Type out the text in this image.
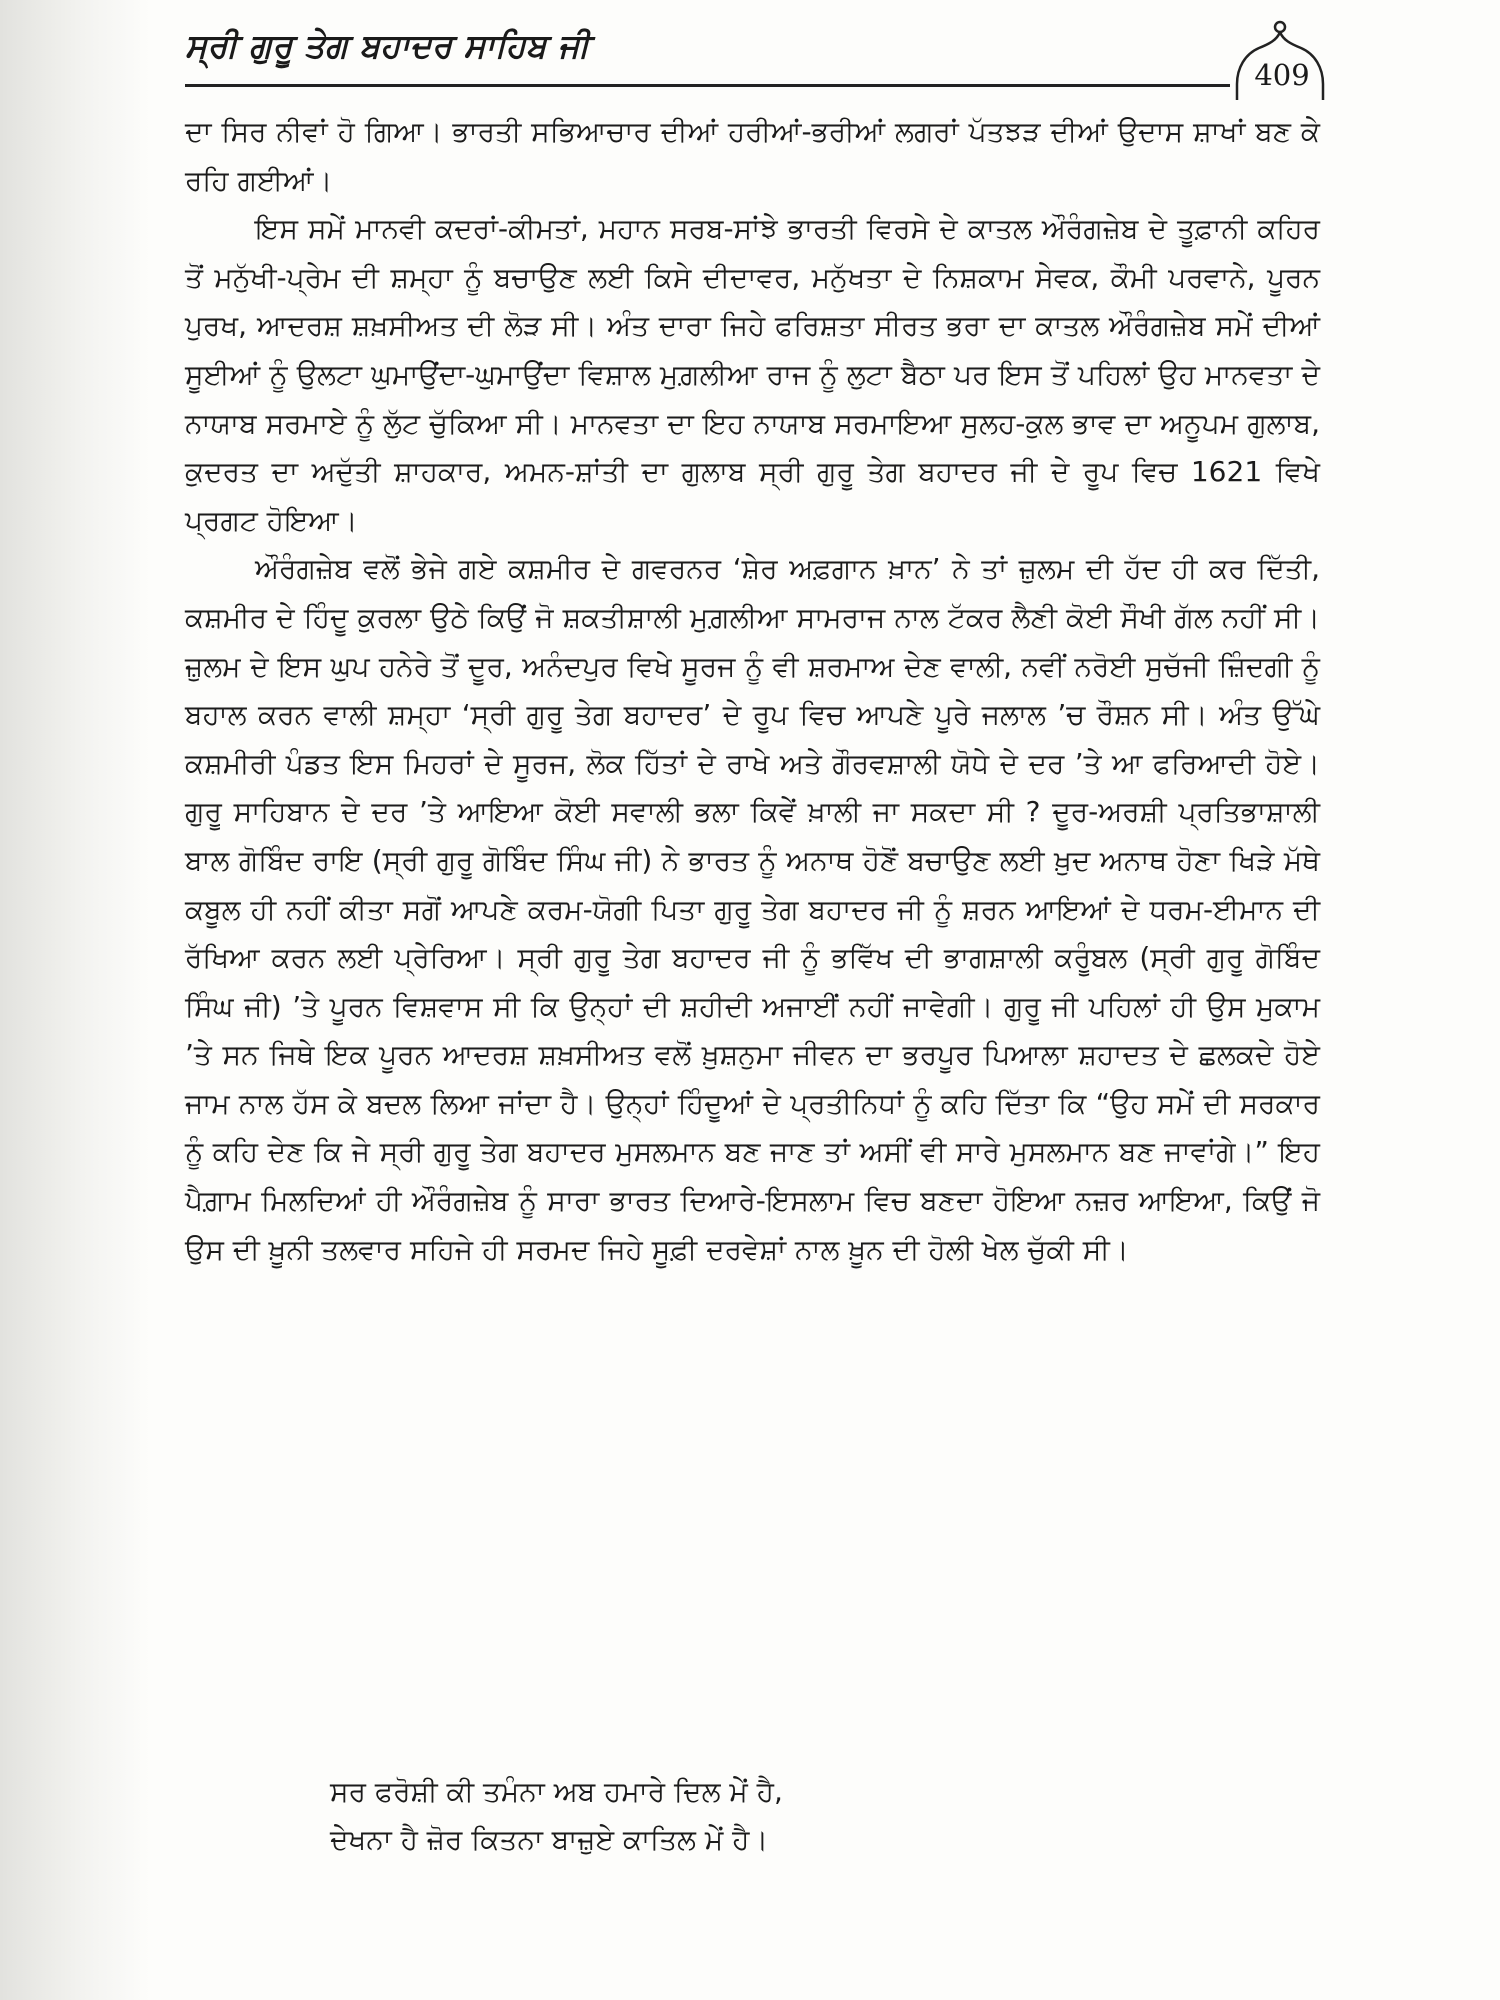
ਸ੍ਰੀ ਗੁਰੂ ਤੇਗ ਬਹਾਦਰ ਸਾਹਿਬ ਜੀ
409

ਦਾ ਸਿਰ ਨੀਵਾਂ ਹੋ ਗਿਆ। ਭਾਰਤੀ ਸਭਿਆਚਾਰ ਦੀਆਂ ਹਰੀਆਂ-ਭਰੀਆਂ ਲਗਰਾਂ ਪੱਤਝੜ ਦੀਆਂ ਉਦਾਸ ਸ਼ਾਖਾਂ ਬਣ ਕੇ ਰਹਿ ਗਈਆਂ।

ਇਸ ਸਮੇਂ ਮਾਨਵੀ ਕਦਰਾਂ-ਕੀਮਤਾਂ, ਮਹਾਨ ਸਰਬ-ਸਾਂਝੇ ਭਾਰਤੀ ਵਿਰਸੇ ਦੇ ਕਾਤਲ ਔਰੰਗਜ਼ੇਬ ਦੇ ਤੂਫ਼ਾਨੀ ਕਹਿਰ ਤੋਂ ਮਨੁੱਖੀ-ਪ੍ਰੇਮ ਦੀ ਸ਼ਮ੍ਹਾ ਨੂੰ ਬਚਾਉਣ ਲਈ ਕਿਸੇ ਦੀਦਾਵਰ, ਮਨੁੱਖਤਾ ਦੇ ਨਿਸ਼ਕਾਮ ਸੇਵਕ, ਕੌਮੀ ਪਰਵਾਨੇ, ਪੂਰਨ ਪੁਰਖ, ਆਦਰਸ਼ ਸ਼ਖ਼ਸੀਅਤ ਦੀ ਲੋੜ ਸੀ। ਅੰਤ ਦਾਰਾ ਜਿਹੇ ਫਰਿਸ਼ਤਾ ਸੀਰਤ ਭਰਾ ਦਾ ਕਾਤਲ ਔਰੰਗਜ਼ੇਬ ਸਮੇਂ ਦੀਆਂ ਸੂਈਆਂ ਨੂੰ ਉਲਟਾ ਘੁਮਾਉਂਦਾ-ਘੁਮਾਉਂਦਾ ਵਿਸ਼ਾਲ ਮੁਗ਼ਲੀਆ ਰਾਜ ਨੂੰ ਲੁਟਾ ਬੈਠਾ ਪਰ ਇਸ ਤੋਂ ਪਹਿਲਾਂ ਉਹ ਮਾਨਵਤਾ ਦੇ ਨਾਯਾਬ ਸਰਮਾਏ ਨੂੰ ਲੁੱਟ ਚੁੱਕਿਆ ਸੀ। ਮਾਨਵਤਾ ਦਾ ਇਹ ਨਾਯਾਬ ਸਰਮਾਇਆ ਸੁਲਹ-ਕੁਲ ਭਾਵ ਦਾ ਅਨੂਪਮ ਗੁਲਾਬ, ਕੁਦਰਤ ਦਾ ਅਦੁੱਤੀ ਸ਼ਾਹਕਾਰ, ਅਮਨ-ਸ਼ਾਂਤੀ ਦਾ ਗੁਲਾਬ ਸ੍ਰੀ ਗੁਰੂ ਤੇਗ ਬਹਾਦਰ ਜੀ ਦੇ ਰੂਪ ਵਿਚ 1621 ਵਿਖੇ ਪ੍ਰਗਟ ਹੋਇਆ।

ਔਰੰਗਜ਼ੇਬ ਵਲੋਂ ਭੇਜੇ ਗਏ ਕਸ਼ਮੀਰ ਦੇ ਗਵਰਨਰ ‘ਸ਼ੇਰ ਅਫ਼ਗਾਨ ਖ਼ਾਨ’ ਨੇ ਤਾਂ ਜ਼ੁਲਮ ਦੀ ਹੱਦ ਹੀ ਕਰ ਦਿੱਤੀ, ਕਸ਼ਮੀਰ ਦੇ ਹਿੰਦੂ ਕੁਰਲਾ ਉਠੇ ਕਿਉਂ ਜੋ ਸ਼ਕਤੀਸ਼ਾਲੀ ਮੁਗ਼ਲੀਆ ਸਾਮਰਾਜ ਨਾਲ ਟੱਕਰ ਲੈਣੀ ਕੋਈ ਸੌਖੀ ਗੱਲ ਨਹੀਂ ਸੀ। ਜ਼ੁਲਮ ਦੇ ਇਸ ਘੁਪ ਹਨੇਰੇ ਤੋਂ ਦੂਰ, ਅਨੰਦਪੁਰ ਵਿਖੇ ਸੂਰਜ ਨੂੰ ਵੀ ਸ਼ਰਮਾਅ ਦੇਣ ਵਾਲੀ, ਨਵੀਂ ਨਰੋਈ ਸੁਚੱਜੀ ਜ਼ਿੰਦਗੀ ਨੂੰ ਬਹਾਲ ਕਰਨ ਵਾਲੀ ਸ਼ਮ੍ਹਾ ‘ਸ੍ਰੀ ਗੁਰੂ ਤੇਗ ਬਹਾਦਰ’ ਦੇ ਰੂਪ ਵਿਚ ਆਪਣੇ ਪੂਰੇ ਜਲਾਲ ’ਚ ਰੌਸ਼ਨ ਸੀ। ਅੰਤ ਉੱਘੇ ਕਸ਼ਮੀਰੀ ਪੰਡਤ ਇਸ ਮਿਹਰਾਂ ਦੇ ਸੂਰਜ, ਲੋਕ ਹਿੱਤਾਂ ਦੇ ਰਾਖੇ ਅਤੇ ਗੌਰਵਸ਼ਾਲੀ ਯੋਧੇ ਦੇ ਦਰ ’ਤੇ ਆ ਫਰਿਆਦੀ ਹੋਏ। ਗੁਰੂ ਸਾਹਿਬਾਨ ਦੇ ਦਰ ’ਤੇ ਆਇਆ ਕੋਈ ਸਵਾਲੀ ਭਲਾ ਕਿਵੇਂ ਖ਼ਾਲੀ ਜਾ ਸਕਦਾ ਸੀ ? ਦੂਰ-ਅਰਸ਼ੀ ਪ੍ਰਤਿਭਾਸ਼ਾਲੀ ਬਾਲ ਗੋਬਿੰਦ ਰਾਇ (ਸ੍ਰੀ ਗੁਰੂ ਗੋਬਿੰਦ ਸਿੰਘ ਜੀ) ਨੇ ਭਾਰਤ ਨੂੰ ਅਨਾਥ ਹੋਣੋਂ ਬਚਾਉਣ ਲਈ ਖ਼ੁਦ ਅਨਾਥ ਹੋਣਾ ਖਿੜੇ ਮੱਥੇ ਕਬੂਲ ਹੀ ਨਹੀਂ ਕੀਤਾ ਸਗੋਂ ਆਪਣੇ ਕਰਮ-ਯੋਗੀ ਪਿਤਾ ਗੁਰੂ ਤੇਗ ਬਹਾਦਰ ਜੀ ਨੂੰ ਸ਼ਰਨ ਆਇਆਂ ਦੇ ਧਰਮ-ਈਮਾਨ ਦੀ ਰੱਖਿਆ ਕਰਨ ਲਈ ਪ੍ਰੇਰਿਆ। ਸ੍ਰੀ ਗੁਰੂ ਤੇਗ ਬਹਾਦਰ ਜੀ ਨੂੰ ਭਵਿੱਖ ਦੀ ਭਾਗਸ਼ਾਲੀ ਕਰੂੰਬਲ (ਸ੍ਰੀ ਗੁਰੂ ਗੋਬਿੰਦ ਸਿੰਘ ਜੀ) ’ਤੇ ਪੂਰਨ ਵਿਸ਼ਵਾਸ ਸੀ ਕਿ ਉਨ੍ਹਾਂ ਦੀ ਸ਼ਹੀਦੀ ਅਜਾਈਂ ਨਹੀਂ ਜਾਵੇਗੀ। ਗੁਰੂ ਜੀ ਪਹਿਲਾਂ ਹੀ ਉਸ ਮੁਕਾਮ ’ਤੇ ਸਨ ਜਿਥੇ ਇਕ ਪੂਰਨ ਆਦਰਸ਼ ਸ਼ਖ਼ਸੀਅਤ ਵਲੋਂ ਖ਼ੁਸ਼ਨੁਮਾ ਜੀਵਨ ਦਾ ਭਰਪੂਰ ਪਿਆਲਾ ਸ਼ਹਾਦਤ ਦੇ ਛਲਕਦੇ ਹੋਏ ਜਾਮ ਨਾਲ ਹੱਸ ਕੇ ਬਦਲ ਲਿਆ ਜਾਂਦਾ ਹੈ। ਉਨ੍ਹਾਂ ਹਿੰਦੂਆਂ ਦੇ ਪ੍ਰਤੀਨਿਧਾਂ ਨੂੰ ਕਹਿ ਦਿੱਤਾ ਕਿ “ਉਹ ਸਮੇਂ ਦੀ ਸਰਕਾਰ ਨੂੰ ਕਹਿ ਦੇਣ ਕਿ ਜੇ ਸ੍ਰੀ ਗੁਰੂ ਤੇਗ ਬਹਾਦਰ ਮੁਸਲਮਾਨ ਬਣ ਜਾਣ ਤਾਂ ਅਸੀਂ ਵੀ ਸਾਰੇ ਮੁਸਲਮਾਨ ਬਣ ਜਾਵਾਂਗੇ।” ਇਹ ਪੈਗ਼ਾਮ ਮਿਲਦਿਆਂ ਹੀ ਔਰੰਗਜ਼ੇਬ ਨੂੰ ਸਾਰਾ ਭਾਰਤ ਦਿਆਰੇ-ਇਸਲਾਮ ਵਿਚ ਬਣਦਾ ਹੋਇਆ ਨਜ਼ਰ ਆਇਆ, ਕਿਉਂ ਜੋ ਉਸ ਦੀ ਖ਼ੂਨੀ ਤਲਵਾਰ ਸਹਿਜੇ ਹੀ ਸਰਮਦ ਜਿਹੇ ਸੂਫ਼ੀ ਦਰਵੇਸ਼ਾਂ ਨਾਲ ਖ਼ੂਨ ਦੀ ਹੋਲੀ ਖੇਲ ਚੁੱਕੀ ਸੀ।

ਸਰ ਫਰੋਸ਼ੀ ਕੀ ਤਮੰਨਾ ਅਬ ਹਮਾਰੇ ਦਿਲ ਮੇਂ ਹੈ,
ਦੇਖਨਾ ਹੈ ਜ਼ੋਰ ਕਿਤਨਾ ਬਾਜ਼ੁਏ ਕਾਤਿਲ ਮੇਂ ਹੈ।
